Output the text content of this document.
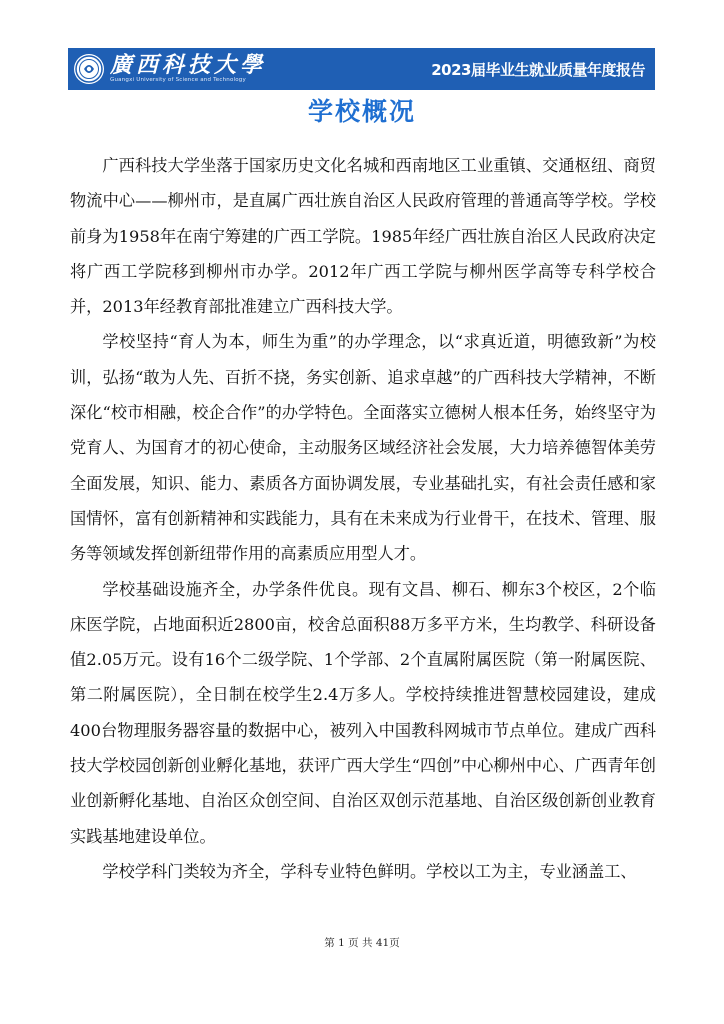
廣西科技大學
Guangxi University of Science and Technology
2023届毕业生就业质量年度报告
学校概况

广西科技大学坐落于国家历史文化名城和西南地区工业重镇、交通枢纽、商贸物流中心——柳州市，是直属广西壮族自治区人民政府管理的普通高等学校。学校前身为1958年在南宁筹建的广西工学院。1985年经广西壮族自治区人民政府决定将广西工学院移到柳州市办学。2012年广西工学院与柳州医学高等专科学校合并，2013年经教育部批准建立广西科技大学。

学校坚持“育人为本，师生为重”的办学理念，以“求真近道，明德致新”为校训，弘扬“敢为人先、百折不挠，务实创新、追求卓越”的广西科技大学精神，不断深化“校市相融，校企合作”的办学特色。全面落实立德树人根本任务，始终坚守为党育人、为国育才的初心使命，主动服务区域经济社会发展，大力培养德智体美劳全面发展，知识、能力、素质各方面协调发展，专业基础扎实，有社会责任感和家国情怀，富有创新精神和实践能力，具有在未来成为行业骨干，在技术、管理、服务等领域发挥创新纽带作用的高素质应用型人才。

学校基础设施齐全，办学条件优良。现有文昌、柳石、柳东3个校区，2个临床医学院，占地面积近2800亩，校舍总面积88万多平方米，生均教学、科研设备值2.05万元。设有16个二级学院、1个学部、2个直属附属医院（第一附属医院、第二附属医院），全日制在校学生2.4万多人。学校持续推进智慧校园建设，建成400台物理服务器容量的数据中心，被列入中国教科网城市节点单位。建成广西科技大学校园创新创业孵化基地，获评广西大学生“四创”中心柳州中心、广西青年创业创新孵化基地、自治区众创空间、自治区双创示范基地、自治区级创新创业教育实践基地建设单位。

学校学科门类较为齐全，学科专业特色鲜明。学校以工为主，专业涵盖工、

第 1 页 共 41页
